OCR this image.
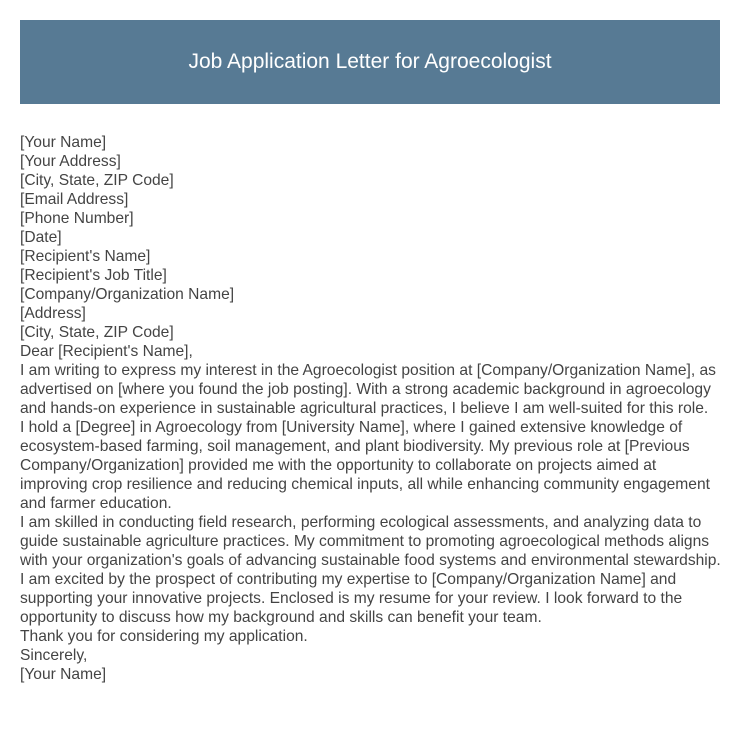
Job Application Letter for Agroecologist
[Your Name]
[Your Address]
[City, State, ZIP Code]
[Email Address]
[Phone Number]
[Date]
[Recipient's Name]
[Recipient's Job Title]
[Company/Organization Name]
[Address]
[City, State, ZIP Code]
Dear [Recipient's Name],
I am writing to express my interest in the Agroecologist position at [Company/Organization Name], as advertised on [where you found the job posting]. With a strong academic background in agroecology and hands-on experience in sustainable agricultural practices, I believe I am well-suited for this role.
I hold a [Degree] in Agroecology from [University Name], where I gained extensive knowledge of ecosystem-based farming, soil management, and plant biodiversity. My previous role at [Previous Company/Organization] provided me with the opportunity to collaborate on projects aimed at improving crop resilience and reducing chemical inputs, all while enhancing community engagement and farmer education.
I am skilled in conducting field research, performing ecological assessments, and analyzing data to guide sustainable agriculture practices. My commitment to promoting agroecological methods aligns with your organization's goals of advancing sustainable food systems and environmental stewardship.
I am excited by the prospect of contributing my expertise to [Company/Organization Name] and supporting your innovative projects. Enclosed is my resume for your review. I look forward to the opportunity to discuss how my background and skills can benefit your team.
Thank you for considering my application.
Sincerely,
[Your Name]
